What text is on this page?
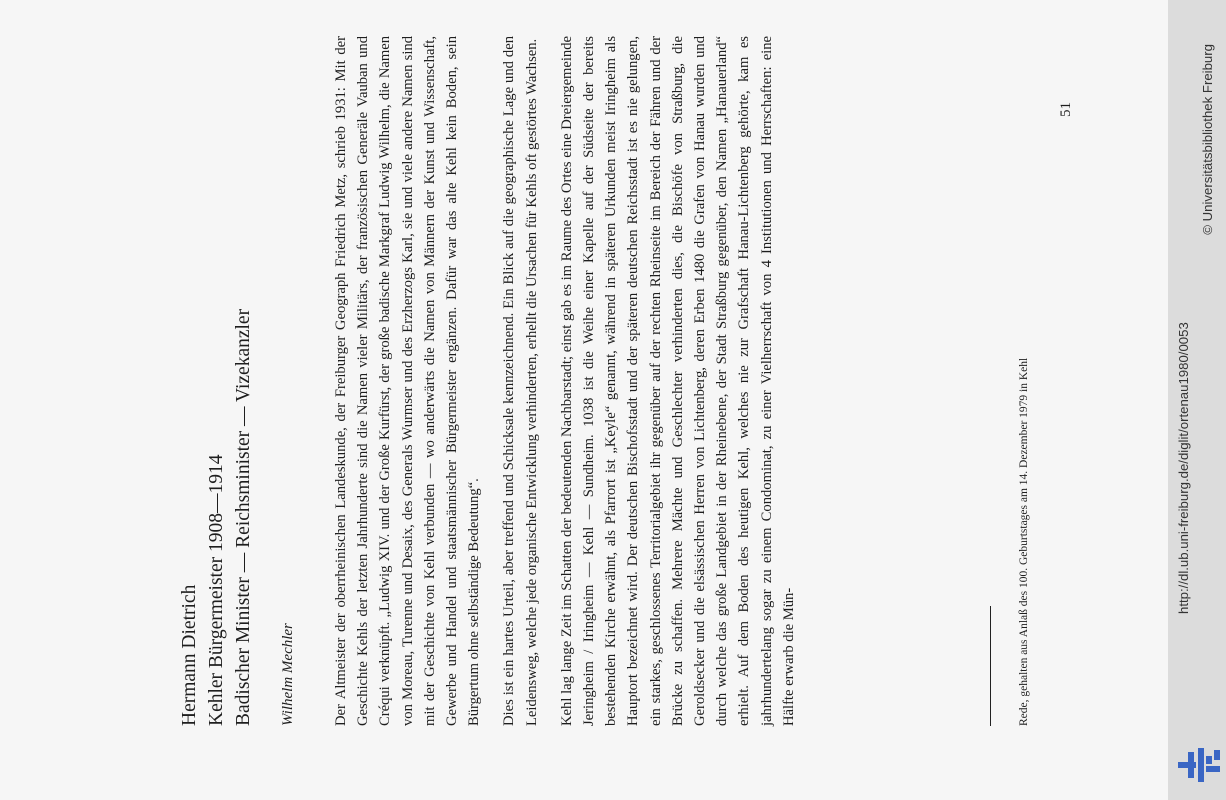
Hermann Dietrich Kehler Bürgermeister 1908—1914 Badischer Minister — Reichsminister — Vizekanzler Wilhelm Mechler	Der Altmeister der oberrheinischen Landeskunde, der Freiburger Geograph Friedrich Metz, schrieb 1931: Mit der Geschichte Kehls der letzten Jahrhunderte sind die Namen vieler Militärs, der französischen Generäle Vauban und Créqui verknüpft. „Ludwig XIV. und der Große Kurfürst, der große badische Markgraf Ludwig Wilhelm, die Namen von Moreau, Turenne und Desaix, des Generals Wurmser und des Erzherzogs Karl, sie und viele andere Namen sind mit der Geschichte von Kehl verbunden — wo anderwärts die Namen von Männern der Kunst und Wissenschaft, Gewerbe und Handel und staatsmännischer Bürgermeister ergänzen. Dafür war das alte Kehl kein Boden, sein Bürgertum ohne selbständige Bedeutung“. Dies ist ein hartes Urteil, aber treffend und Schicksale kennzeichnend. Ein Blick auf die geographische Lage und den Leidensweg, welche jede organische Entwicklung verhinderten, erhellt die Ursachen für Kehls oft gestörtes Wachsen. Kehl lag lange Zeit im Schatten der bedeutenden Nachbarstadt; einst gab es im Raume des Ortes eine Dreiergemeinde Jeringheim / Iringheim — Kehl — Sundheim. 1038 ist die Weihe einer Kapelle auf der Südseite der bereits bestehenden Kirche erwähnt, als Pfarrort ist „Keyle“ genannt, während in späteren Urkunden meist Iringheim als Hauptort bezeichnet wird. Der deutschen Bischofsstadt und der späteren deutschen Reichsstadt ist es nie gelungen, ein starkes, geschlossenes Territorialgebiet ihr gegenüber auf der rechten Rheinseite im Bereich der Fähren und der Brücke zu schaffen. Mehrere Mächte und Geschlechter verhinderten dies, die Bischöfe von Straßburg, die Geroldsecker und die elsässischen Herren von Lichtenberg, deren Erben 1480 die Grafen von Hanau wurden und durch welche das große Landgebiet in der Rheinebene, der Stadt Straßburg gegenüber, den Namen „Hanauerland“ erhielt. Auf dem Boden des heutigen Kehl, welches nie zur Grafschaft Hanau-Lichtenberg gehörte, kam es jahrhundertelang sogar zu einem Condominat, zu einer Vielherrschaft von 4 Institutionen und Herrschaften: eine Hälfte erwarb die Mün-	Rede, gehalten aus Anlaß des 100. Geburtstages am 14. Dezember 1979 in Kehl
51
http://dl.ub.uni-freiburg.de/diglit/ortenau1980/0053
© Universitätsbibliothek Freiburg
